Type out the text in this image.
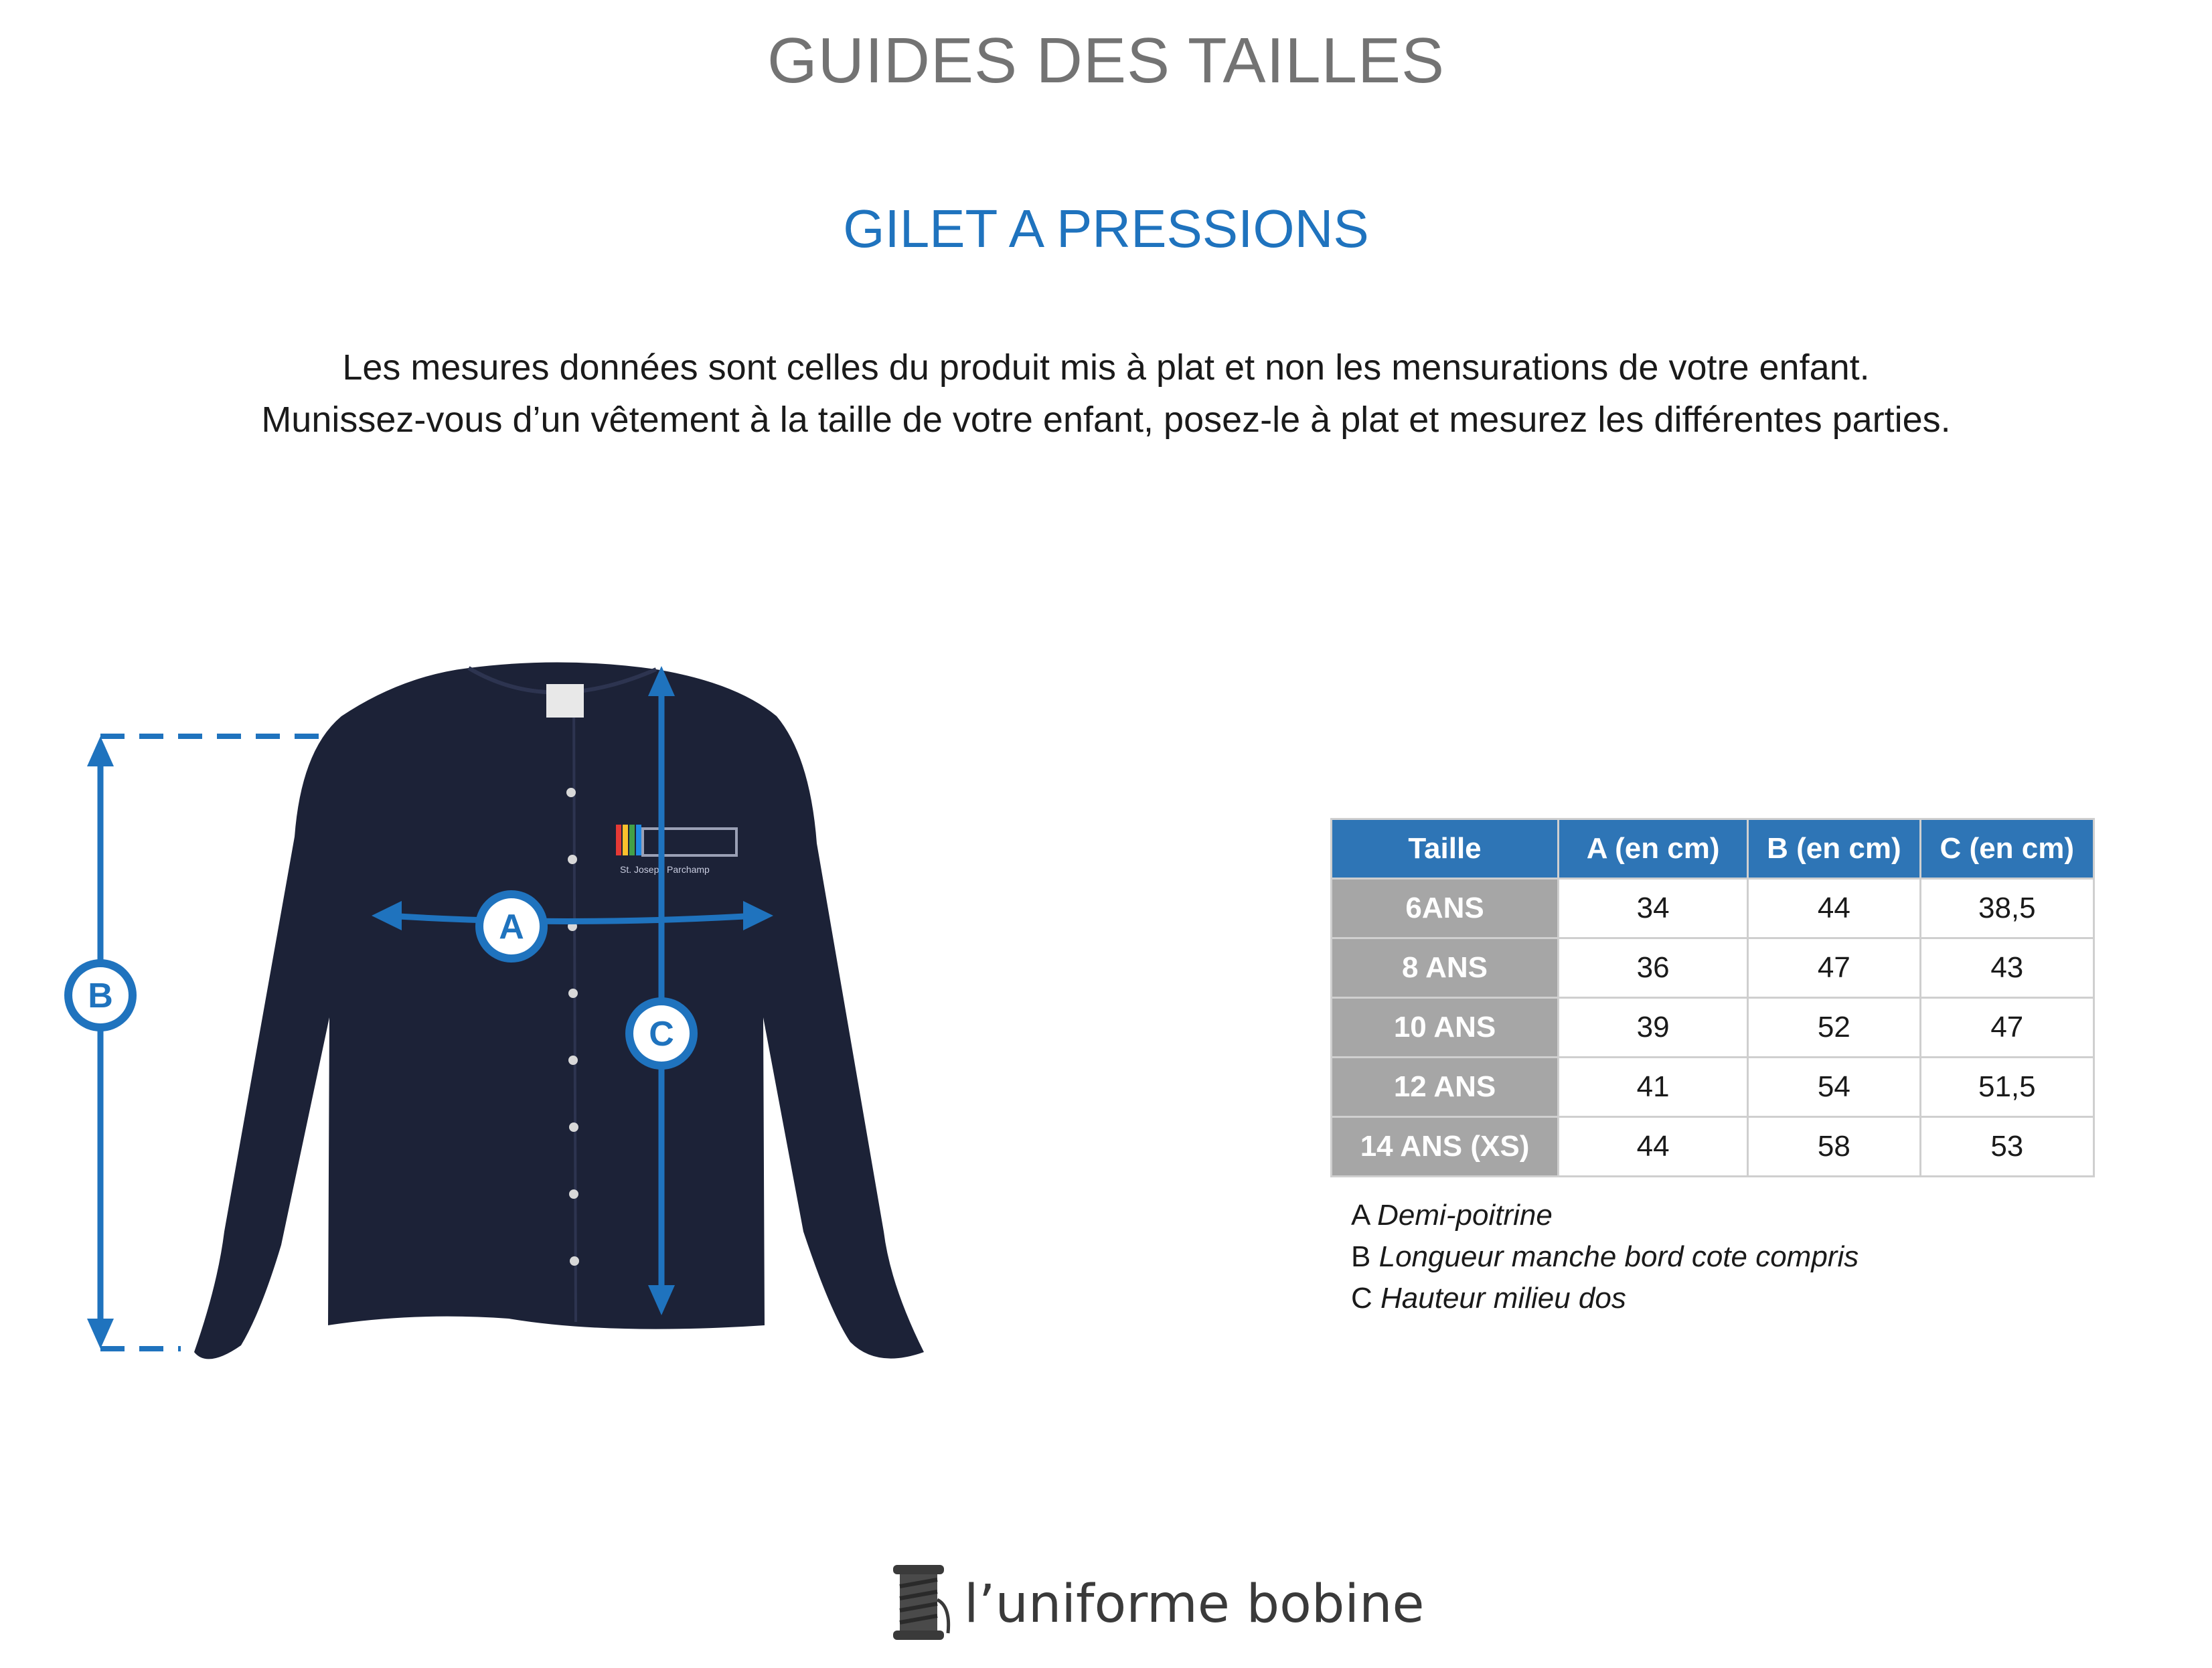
GUIDES DES TAILLES
GILET A PRESSIONS
Les mesures données sont celles du produit mis à plat et non les mensurations de votre enfant.
Munissez-vous d’un vêtement à la taille de votre enfant, posez-le à plat et mesurez les différentes parties.
St. Joseph Parchamp
B
A
C
Taille	A (en cm)	B (en cm)	C (en cm)
6ANS	34	44	38,5
8 ANS	36	47	43
10 ANS	39	52	47
12 ANS	41	54	51,5
14 ANS (XS)	44	58	53
A Demi-poitrine
B Longueur manche bord cote compris
C Hauteur milieu dos
l’uniforme bobine
